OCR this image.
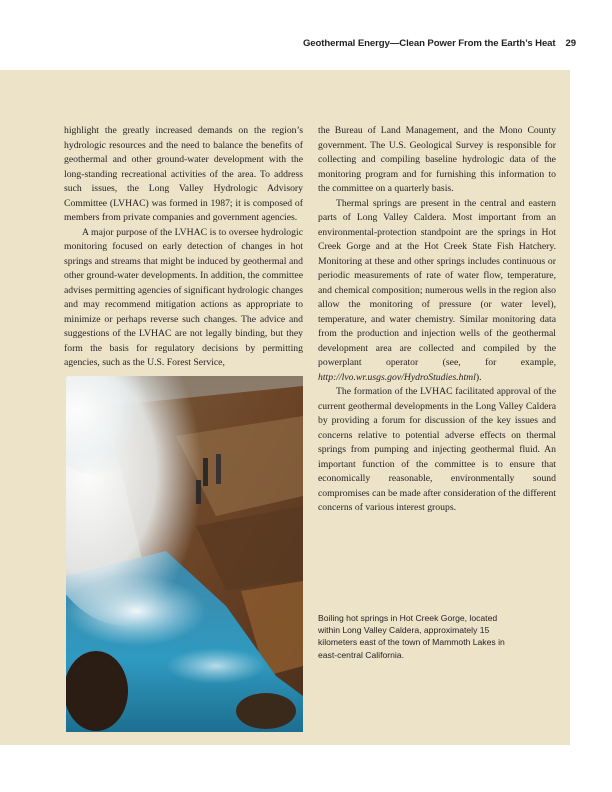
Geothermal Energy—Clean Power From the Earth’s Heat 29

highlight the greatly increased demands on the region’s hydrologic resources and the need to balance the benefits of geothermal and other ground-water development with the long-standing recreational activities of the area. To address such issues, the Long Valley Hydrologic Advisory Committee (LVHAC) was formed in 1987; it is composed of members from private companies and government agencies.

A major purpose of the LVHAC is to oversee hydrologic monitoring focused on early detection of changes in hot springs and streams that might be induced by geothermal and other ground-water developments. In addition, the committee advises permitting agencies of significant hydrologic changes and may recommend mitigation actions as appropriate to minimize or perhaps reverse such changes. The advice and suggestions of the LVHAC are not legally binding, but they form the basis for regulatory decisions by permitting agencies, such as the U.S. Forest Service,

the Bureau of Land Management, and the Mono County government. The U.S. Geological Survey is responsible for collecting and compiling baseline hydrologic data of the monitoring program and for furnishing this information to the committee on a quarterly basis.

Thermal springs are present in the central and eastern parts of Long Valley Caldera. Most important from an environmental-protection standpoint are the springs in Hot Creek Gorge and at the Hot Creek State Fish Hatchery. Monitoring at these and other springs includes continuous or periodic measurements of rate of water flow, temperature, and chemical composition; numerous wells in the region also allow the monitoring of pressure (or water level), temperature, and water chemistry. Similar monitoring data from the production and injection wells of the geothermal development area are collected and compiled by the powerplant operator (see, for example, http://lvo.wr.usgs.gov/HydroStudies.html).

The formation of the LVHAC facilitated approval of the current geothermal developments in the Long Valley Caldera by providing a forum for discussion of the key issues and concerns relative to potential adverse effects on thermal springs from pumping and injecting geothermal fluid. An important function of the committee is to ensure that economically reasonable, environmentally sound compromises can be made after consideration of the different concerns of various interest groups.

Boiling hot springs in Hot Creek Gorge, located within Long Valley Caldera, approximately 15 kilometers east of the town of Mammoth Lakes in east-central California.
